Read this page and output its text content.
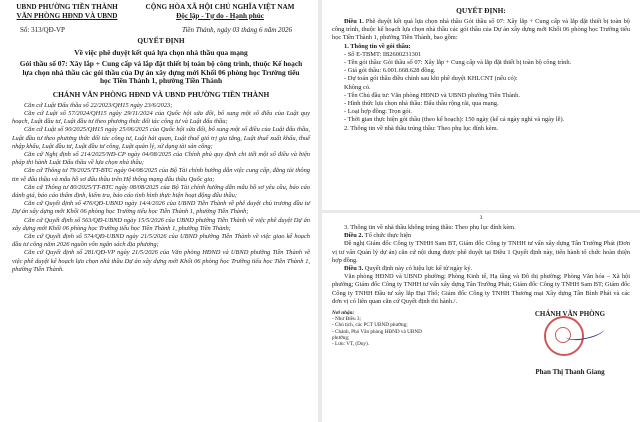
UBND PHƯỜNG TIỀN THÀNH
VĂN PHÒNG HĐND VÀ UBND
CỘNG HÒA XÃ HỘI CHỦ NGHĨA VIỆT NAM
Độc lập - Tự do - Hạnh phúc
Số: 313/QĐ-VP	Tiền Thành, ngày 03 tháng 6 năm 2026
QUYẾT ĐỊNH
Về việc phê duyệt kết quả lựa chọn nhà thầu qua mạng
Gói thầu số 07: Xây lắp + Cung cấp và lắp đặt thiết bị toàn bộ công trình, thuộc Kế hoạch lựa chọn nhà thầu các gói thầu của Dự án xây dựng mới Khối 06 phòng học Trường tiểu học Tiền Thành 1, phường Tiền Thành
CHÁNH VĂN PHÒNG HĐND VÀ UBND PHƯỜNG TIỀN THÀNH

Căn cứ Luật Đấu thầu số 22/2023/QH15 ngày 23/6/2023;

Căn cứ Luật số 57/2024/QH15 ngày 29/11/2024 của Quốc hội sửa đổi, bổ sung một số điều của Luật quy hoạch, Luật đầu tư, Luật đầu tư theo phương thức đối tác công tư và Luật đấu thầu;

Căn cứ Luật số 90/2025/QH15 ngày 25/06/2025 của Quốc hội sửa đổi, bổ sung một số điều của Luật đấu thầu, Luật đầu tư theo phương thức đối tác công tư, Luật hải quan, Luật thuế giá trị gia tăng, Luật thuế xuất khẩu, thuế nhập khẩu, Luật đầu tư, Luật đầu tư công, Luật quản lý, sử dụng tài sản công;

Căn cứ Nghị định số 214/2025/NĐ-CP ngày 04/08/2025 của Chính phủ quy định chi tiết một số điều và biện pháp thi hành Luật Đấu thầu về lựa chọn nhà thầu;

Căn cứ Thông tư 79/2025/TT-BTC ngày 04/08/2025 của Bộ Tài chính hướng dẫn việc cung cấp, đăng tải thông tin về đấu thầu và mẫu hồ sơ đấu thầu trên Hệ thống mạng đấu thầu Quốc gia;

Căn cứ Thông tư 80/2025/TT-BTC ngày 08/08/2025 của Bộ Tài chính hướng dẫn mẫu hồ sơ yêu cầu, báo cáo đánh giá, báo cáo thẩm định, kiểm tra, báo cáo tình hình thực hiện hoạt động đấu thầu;

Căn cứ Quyết định số 476/QĐ-UBND ngày 14/4/2026 của UBND Tiền Thành về phê duyệt chủ trương đầu tư Dự án xây dựng mới Khối 06 phòng học Trường tiểu học Tiền Thành 1, phường Tiền Thành;

Căn cứ Quyết định số 563/QĐ-UBND ngày 15/5/2026 của UBND phường Tiền Thành về việc phê duyệt Dự án xây dựng mới Khối 06 phòng học Trường tiểu học Tiền Thành 1, phường Tiền Thành;

Căn cứ Quyết định số 574/QĐ-UBND ngày 21/5/2026 của UBND phường Tiền Thành về việc giao kế hoạch đầu tư công năm 2026 nguồn vốn ngân sách địa phương;

Căn cứ Quyết định số 281/QĐ-VP ngày 21/5/2026 của Văn phòng HĐND và UBND phường Tiền Thành về việc phê duyệt kế hoạch lựa chọn nhà thầu Dự án xây dựng mới Khối 06 phòng học Trường tiểu học Tiền Thành 1, phường Tiền Thành.

QUYẾT ĐỊNH:

Điều 1. Phê duyệt kết quả lựa chọn nhà thầu Gói thầu số 07: Xây lắp + Cung cấp và lắp đặt thiết bị toàn bộ công trình, thuộc kế hoạch lựa chọn nhà thầu các gói thầu của Dự án xây dựng mới Khối 06 phòng học Trường tiểu học Tiền Thành 1, phường Tiền Thành, bao gồm:

1. Thông tin về gói thầu:

- Số E-TBMT: IB2600231301

- Tên gói thầu: Gói thầu số 07: Xây lắp + Cung cấp và lắp đặt thiết bị toàn bộ công trình.

- Giá gói thầu: 6.001.668.628 đồng.

- Dự toán gói thầu điều chỉnh sau khi phê duyệt KHLCNT (nếu có):

Không có.

- Tên Chủ đầu tư: Văn phòng HĐND và UBND phường Tiền Thành.

- Hình thức lựa chọn nhà thầu: Đấu thầu rộng rãi, qua mạng.

- Loại hợp đồng: Trọn gói.

- Thời gian thực hiện gói thầu (theo kế hoạch): 150 ngày (kể cả ngày nghỉ và ngày lễ).

2. Thông tin về nhà thầu trúng thầu: Theo phụ lục đính kèm.

3

3. Thông tin về nhà thầu không trúng thầu: Theo phụ lục đính kèm.

Điều 2. Tổ chức thực hiện

Đề nghị Giám đốc Công ty TNHH Sam BT, Giám đốc Công ty TNHH tư vấn xây dựng Tân Trường Phát (Đơn vị tư vấn Quản lý dự án) căn cứ nội dung được phê duyệt tại Điều 1 Quyết định này, tiến hành tổ chức hoàn thiện hợp đồng.

Điều 3. Quyết định này có hiệu lực kể từ ngày ký.

Văn phòng HĐND và UBND phường; Phòng Kinh tế, Hạ tầng và Đô thị phường; Phòng Văn hóa – Xã hội phường; Giám đốc Công ty TNHH tư vấn xây dựng Tân Trường Phát; Giám đốc Công ty TNHH Sam BT; Giám đốc Công ty TNHH Đầu tư xây lắp Đại Thổ; Giám đốc Công ty TNHH Thương mại Xây dựng Tân Bình Phát và các đơn vị có liên quan căn cứ Quyết định thi hành./.

Nơi nhận:
- Như Điều 3;
- Chủ tịch, các PCT UBND phường;
- Chánh, Phó Văn phòng HĐND và UBND phường;
- Lưu: VT, (Duy).
CHÁNH VĂN PHÒNG
Phan Thị Thanh Giang
